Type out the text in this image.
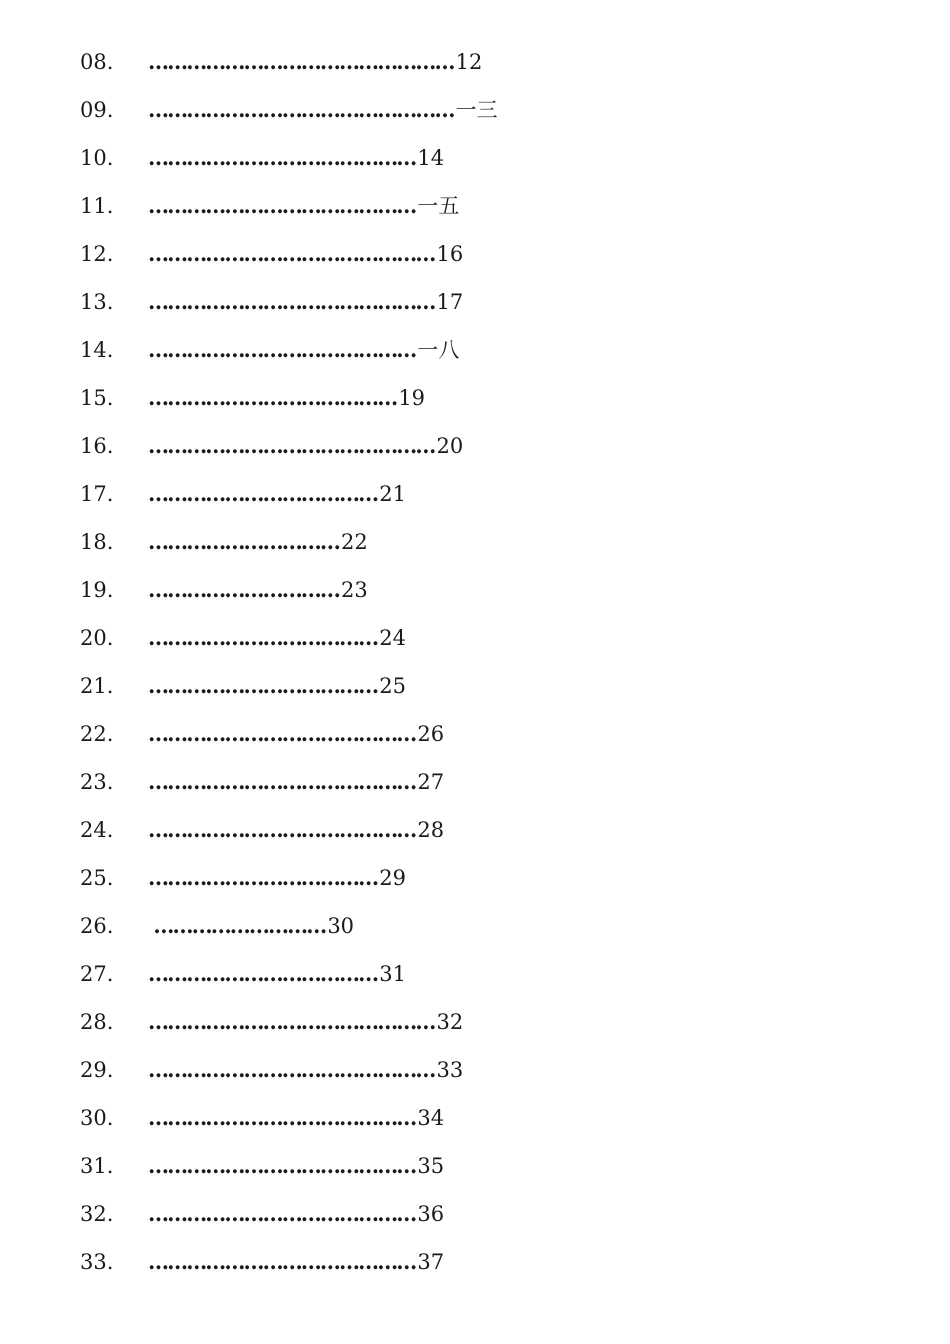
08.	………………………………………… 12
09.	………………………………………… 一三
10.	…………………………………… 14
11.	…………………………………… 一五
12.	……………………………………… 16
13.	……………………………………… 17
14.	…………………………………… 一八
15.	………………………………… 19
16.	……………………………………… 20
17.	……………………………… 21
18.	………………………… 22
19.	………………………… 23
20.	……………………………… 24
21.	……………………………… 25
22.	…………………………………… 26
23.	…………………………………… 27
24.	…………………………………… 28
25.	……………………………… 29
26.	……………………… 30
27.	……………………………… 31
28.	……………………………………… 32
29.	……………………………………… 33
30.	…………………………………… 34
31.	…………………………………… 35
32.	…………………………………… 36
33.	…………………………………… 37
